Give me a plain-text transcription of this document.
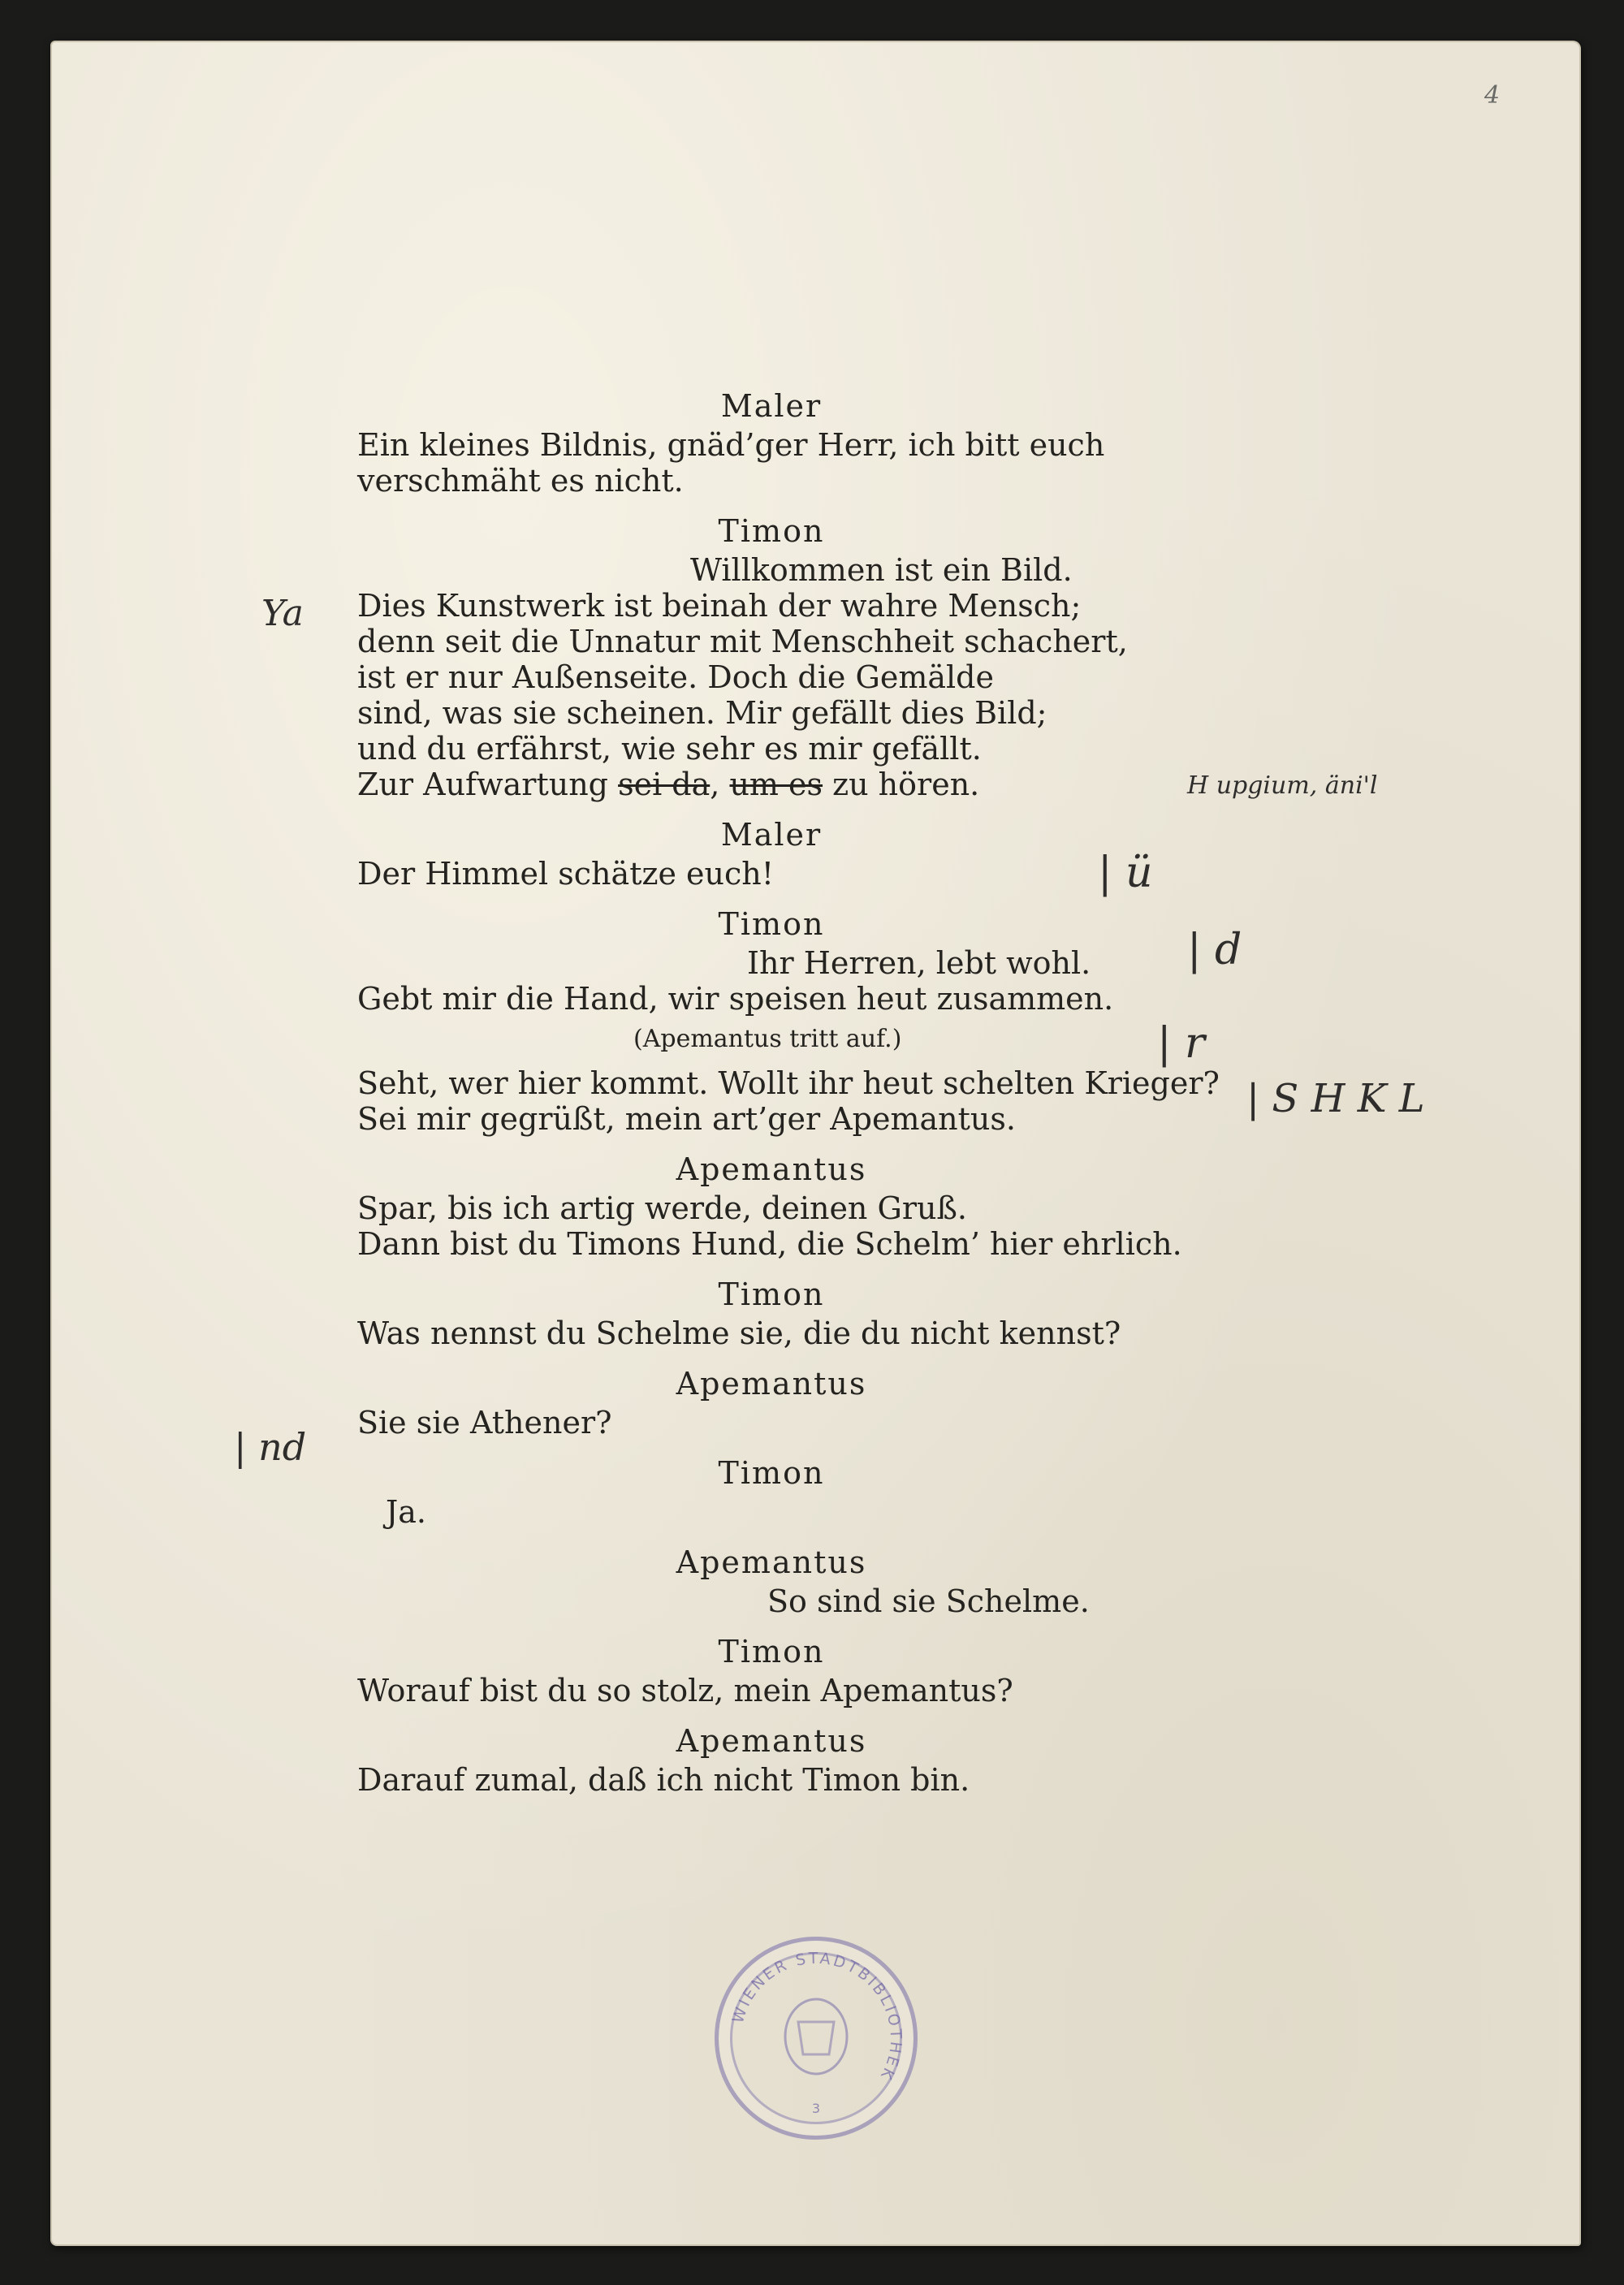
4
Maler
Ein kleines Bildnis, gnäd’ger Herr, ich bitt euch
verschmäht es nicht.
Timon
Willkommen ist ein Bild.
Dies Kunstwerk ist beinah der wahre Mensch;
denn seit die Unnatur mit Menschheit schachert,
ist er nur Außenseite. Doch die Gemälde
sind, was sie scheinen. Mir gefällt dies Bild;
und du erfährst, wie sehr es mir gefällt.
Zur Aufwartung sei da, um es zu hören.
Maler
Der Himmel schätze euch!
Timon
Ihr Herren, lebt wohl.
Gebt mir die Hand, wir speisen heut zusammen.
(Apemantus tritt auf.)
Seht, wer hier kommt. Wollt ihr heut schelten Krieger?
Sei mir gegrüßt, mein art’ger Apemantus.
Apemantus
Spar, bis ich artig werde, deinen Gruß.
Dann bist du Timons Hund, die Schelm’ hier ehrlich.
Timon
Was nennst du Schelme sie, die du nicht kennst?
Apemantus
Sie sie Athener?
Timon
Ja.
Apemantus
So sind sie Schelme.
Timon
Worauf bist du so stolz, mein Apemantus?
Apemantus
Darauf zumal, daß ich nicht Timon bin.
Ya
H upgium, äni'l
| ü
| d
| r
| S H K L
| nd
WIENER STADTBIBLIOTHEK
3
